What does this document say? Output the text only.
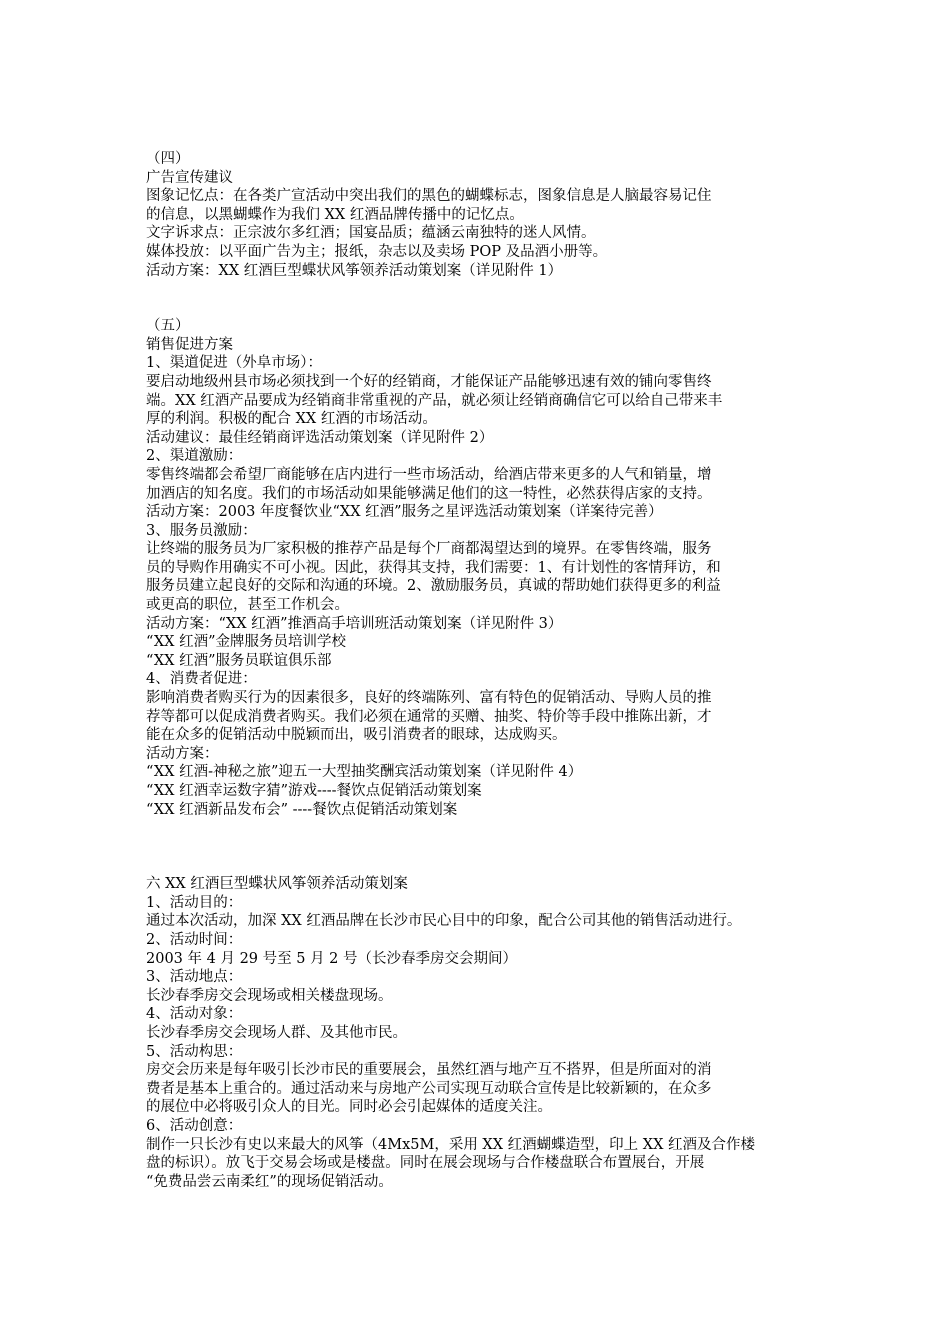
（四）
广告宣传建议
图象记忆点：在各类广宣活动中突出我们的黑色的蝴蝶标志，图象信息是人脑最容易记住
的信息，以黑蝴蝶作为我们 XX 红酒品牌传播中的记忆点。
文字诉求点：正宗波尔多红酒；国宴品质；蕴涵云南独特的迷人风情。
媒体投放：以平面广告为主；报纸，杂志以及卖场 POP 及品酒小册等。
活动方案：XX 红酒巨型蝶状风筝领养活动策划案（详见附件 1）
（五）
销售促进方案
1、渠道促进（外阜市场）：
要启动地级州县市场必须找到一个好的经销商，才能保证产品能够迅速有效的铺向零售终
端。XX 红酒产品要成为经销商非常重视的产品，就必须让经销商确信它可以给自己带来丰
厚的利润。积极的配合 XX 红酒的市场活动。
活动建议：最佳经销商评选活动策划案（详见附件 2）
2、渠道激励：
零售终端都会希望厂商能够在店内进行一些市场活动，给酒店带来更多的人气和销量，增
加酒店的知名度。我们的市场活动如果能够满足他们的这一特性，必然获得店家的支持。
活动方案：2003 年度餐饮业“XX 红酒”服务之星评选活动策划案（详案待完善）
3、服务员激励：
让终端的服务员为厂家积极的推荐产品是每个厂商都渴望达到的境界。在零售终端，服务
员的导购作用确实不可小视。因此，获得其支持，我们需要：1、有计划性的客情拜访，和
服务员建立起良好的交际和沟通的环境。2、激励服务员，真诚的帮助她们获得更多的利益
或更高的职位，甚至工作机会。
活动方案：“XX 红酒”推酒高手培训班活动策划案（详见附件 3）
“XX 红酒”金牌服务员培训学校
“XX 红酒”服务员联谊俱乐部
4、消费者促进：
影响消费者购买行为的因素很多，良好的终端陈列、富有特色的促销活动、导购人员的推
荐等都可以促成消费者购买。我们必须在通常的买赠、抽奖、特价等手段中推陈出新，才
能在众多的促销活动中脱颖而出，吸引消费者的眼球，达成购买。
活动方案：
“XX 红酒-神秘之旅”迎五一大型抽奖酬宾活动策划案（详见附件 4）
“XX 红酒幸运数字猜”游戏----餐饮点促销活动策划案
“XX 红酒新品发布会” ----餐饮点促销活动策划案
六 XX 红酒巨型蝶状风筝领养活动策划案
1、活动目的：
通过本次活动，加深 XX 红酒品牌在长沙市民心目中的印象，配合公司其他的销售活动进行。
2、活动时间：
2003 年 4 月 29 号至 5 月 2 号（长沙春季房交会期间）
3、活动地点：
长沙春季房交会现场或相关楼盘现场。
4、活动对象：
长沙春季房交会现场人群、及其他市民。
5、活动构思：
房交会历来是每年吸引长沙市民的重要展会，虽然红酒与地产互不搭界，但是所面对的消
费者是基本上重合的。通过活动来与房地产公司实现互动联合宣传是比较新颖的，在众多
的展位中必将吸引众人的目光。同时必会引起媒体的适度关注。
6、活动创意：
制作一只长沙有史以来最大的风筝（4Mx5M，采用 XX 红酒蝴蝶造型，印上 XX 红酒及合作楼
盘的标识）。放飞于交易会场或是楼盘。同时在展会现场与合作楼盘联合布置展台，开展
“免费品尝云南柔红”的现场促销活动。
